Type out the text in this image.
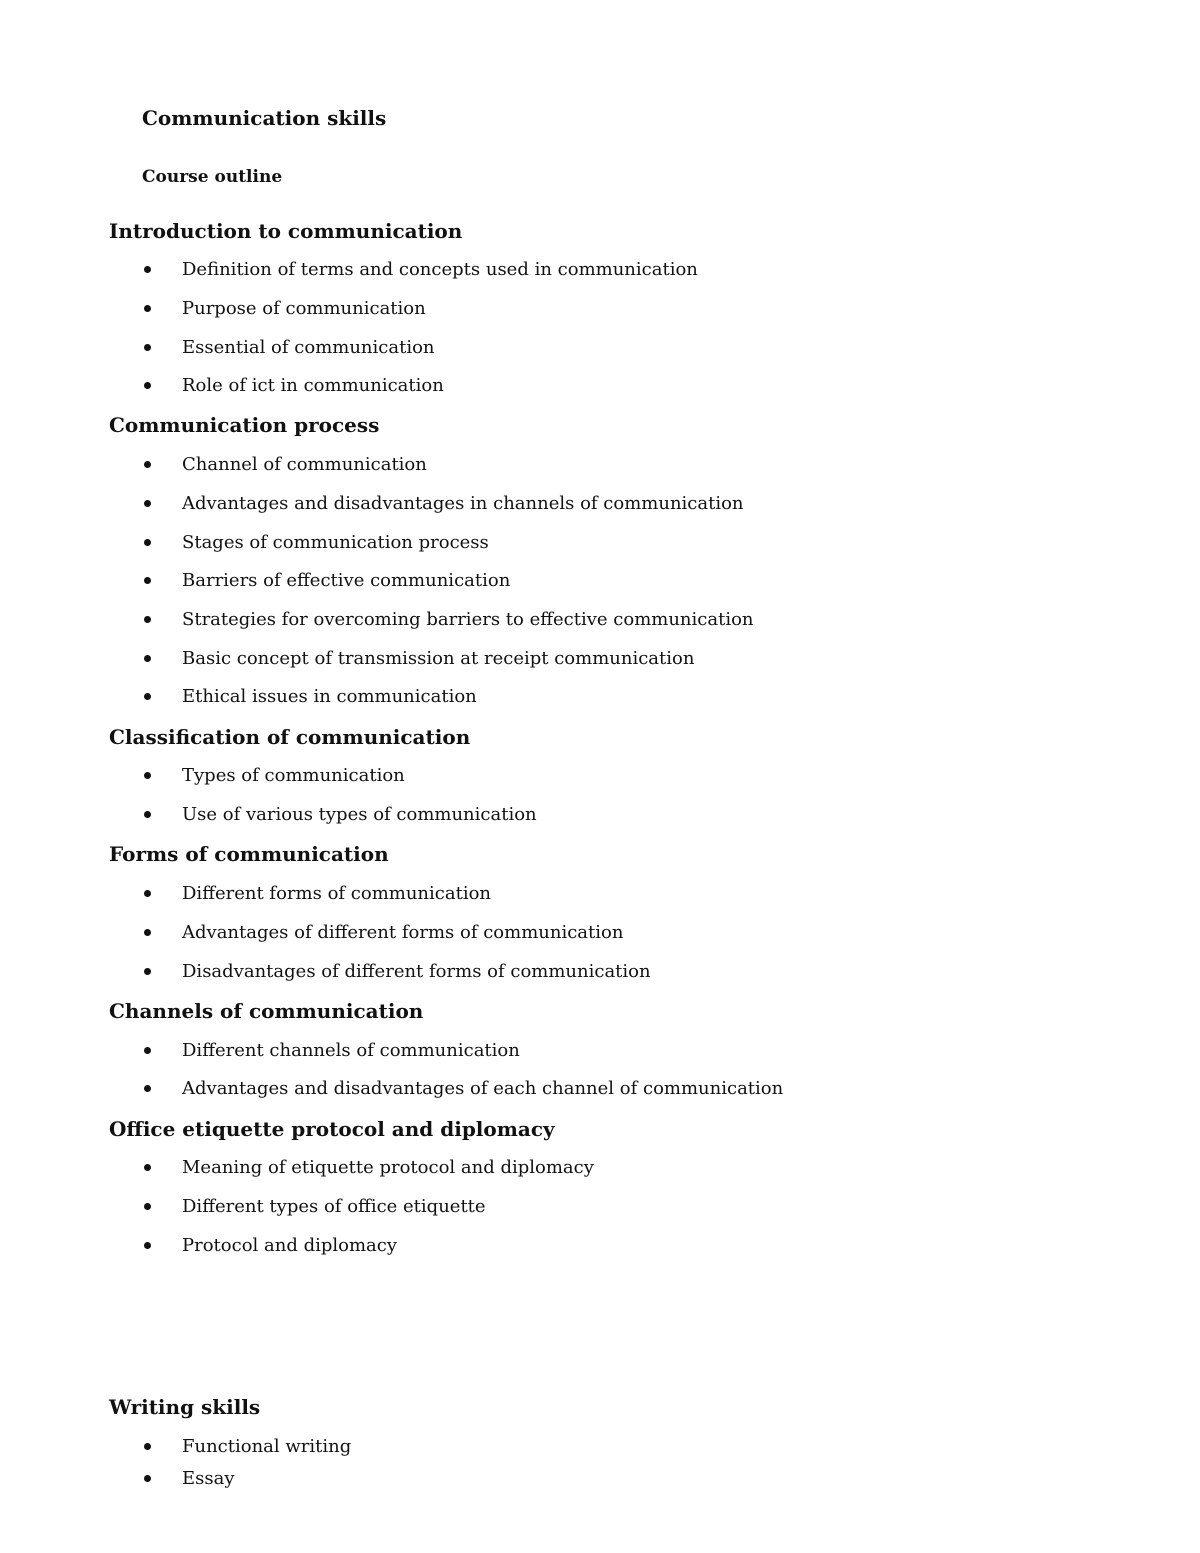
Communication skills
Course outline
Introduction to communication
Definition of terms and concepts used in communication
Purpose of communication
Essential of communication
Role of ict in communication
Communication process
Channel of communication
Advantages and disadvantages in channels of communication
Stages of communication process
Barriers of effective communication
Strategies for overcoming barriers to effective communication
Basic concept of transmission at receipt communication
Ethical issues in communication
Classification of communication
Types of communication
Use of various types of communication
Forms of communication
Different forms of communication
Advantages of different forms of communication
Disadvantages of different forms of communication
Channels of communication
Different channels of communication
Advantages and disadvantages of each channel of communication
Office etiquette protocol and diplomacy
Meaning of etiquette protocol and diplomacy
Different types of office etiquette
Protocol and diplomacy
Writing skills
Functional writing
Essay
